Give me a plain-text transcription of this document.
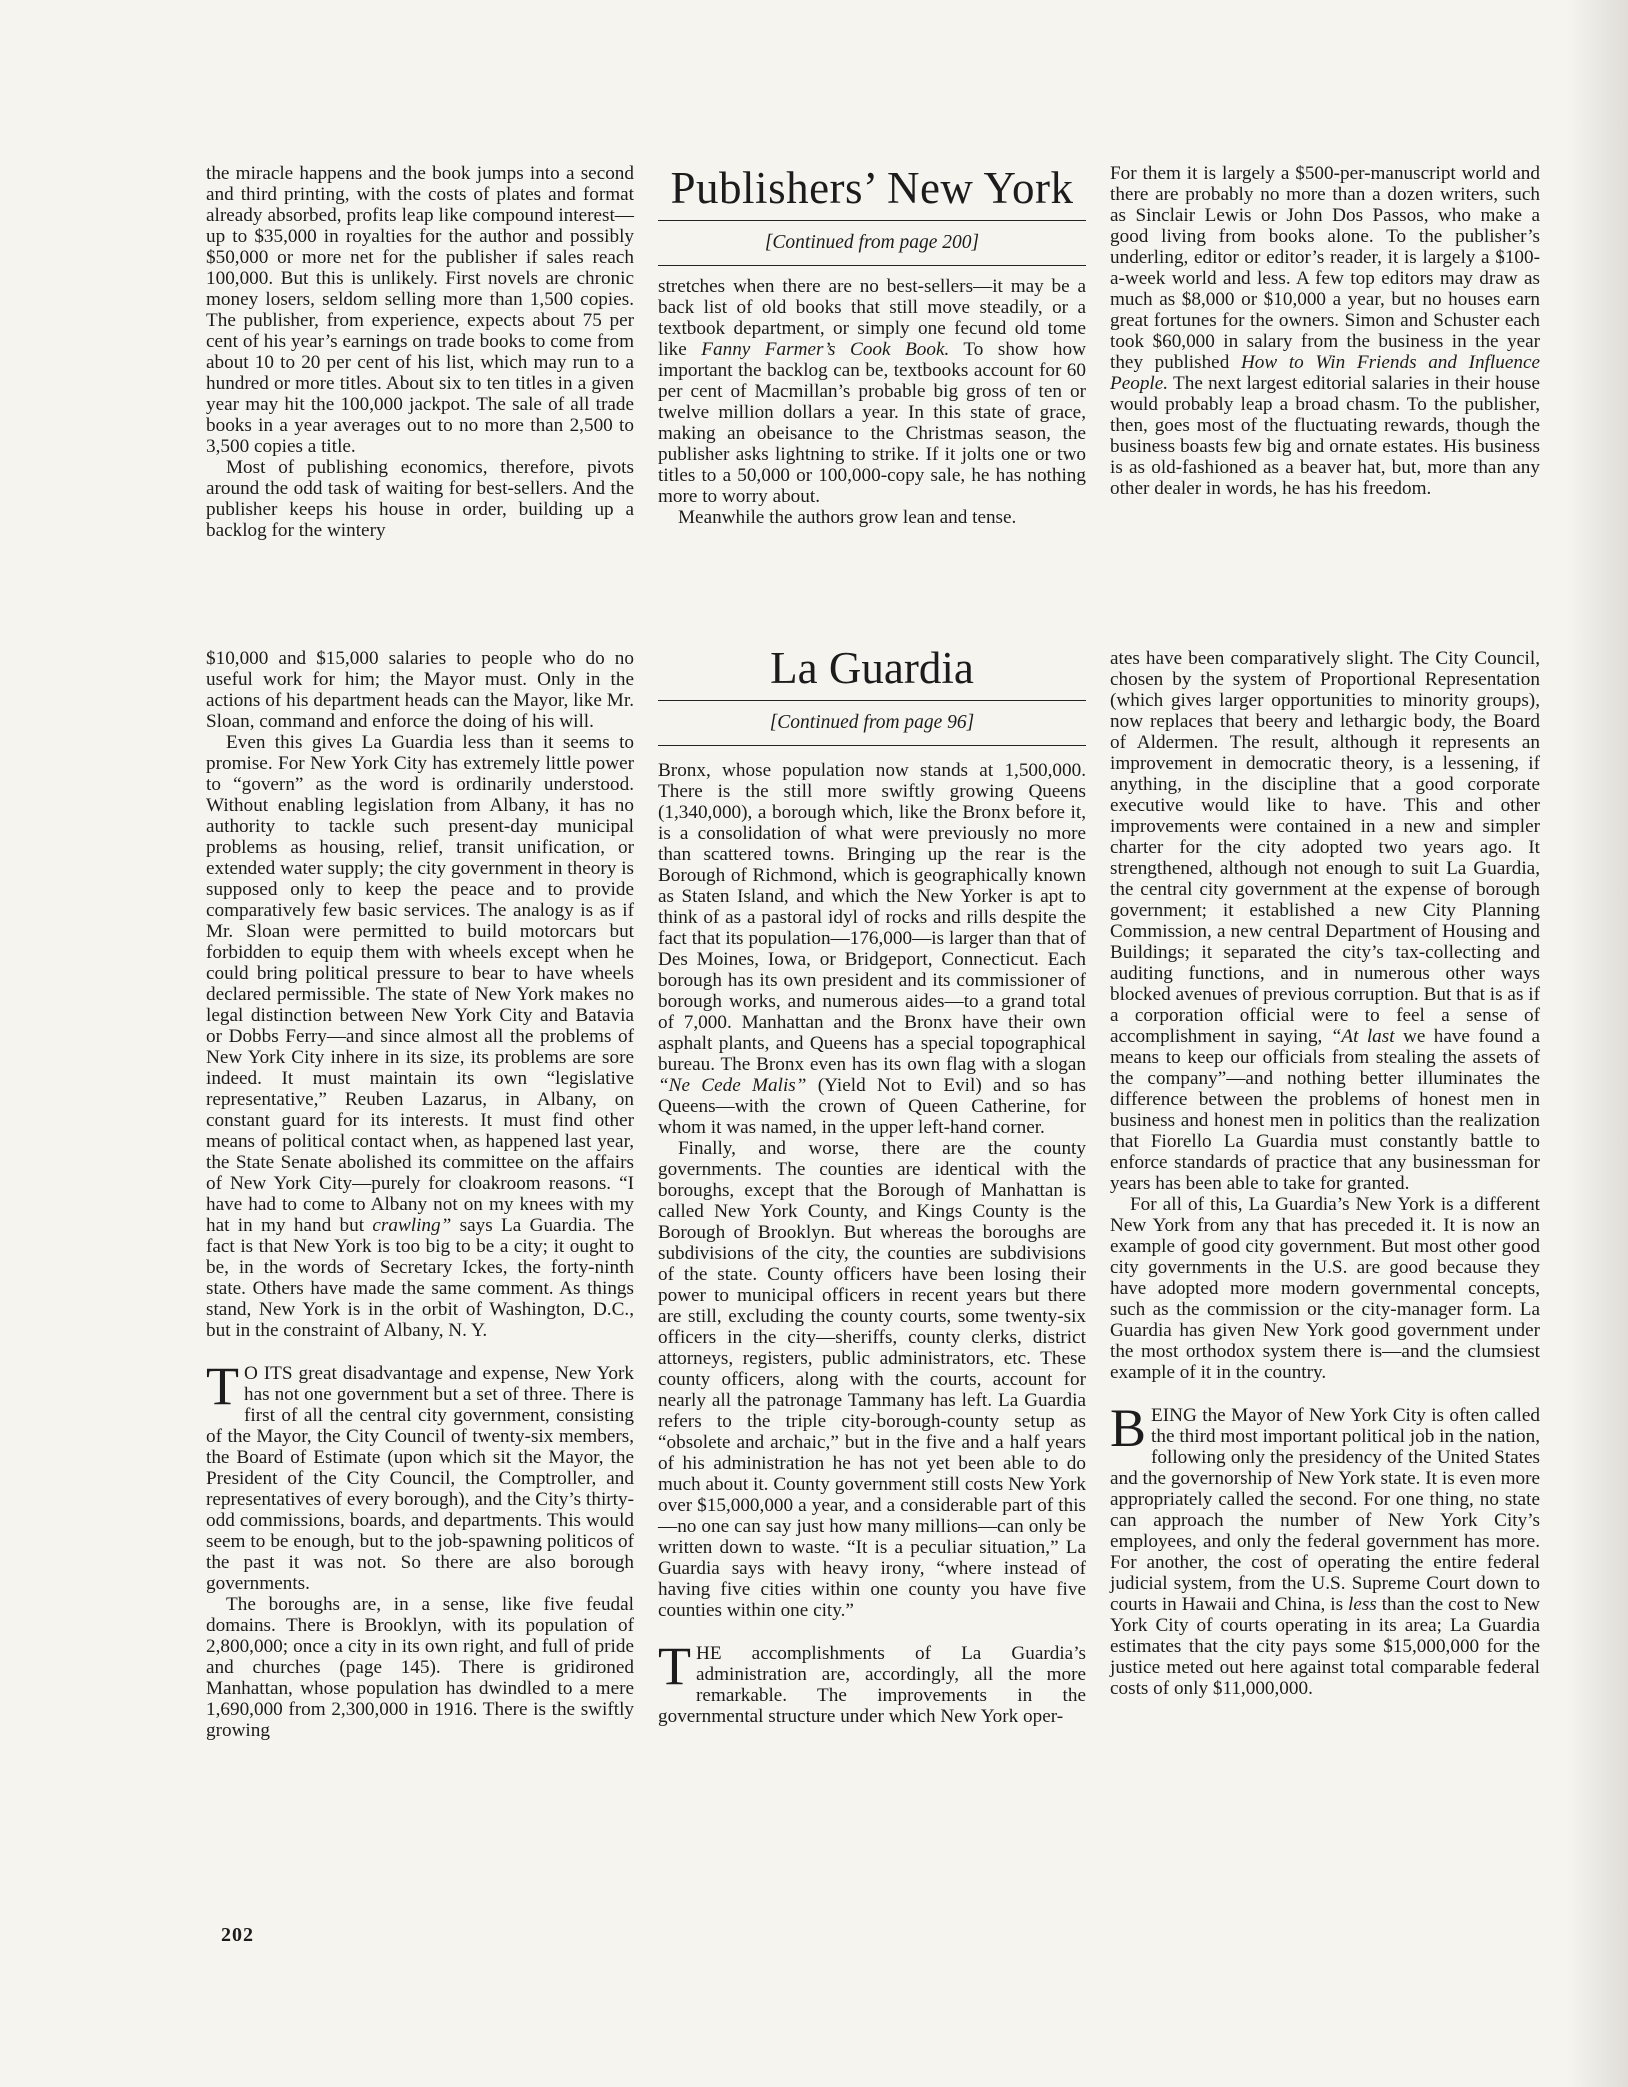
the miracle happens and the book jumps into a second and third printing, with the costs of plates and format already absorbed, profits leap like compound interest—up to $35,000 in royalties for the author and possibly $50,000 or more net for the publisher if sales reach 100,000. But this is unlikely. First novels are chronic money losers, seldom selling more than 1,500 copies. The publisher, from experience, expects about 75 per cent of his year’s earnings on trade books to come from about 10 to 20 per cent of his list, which may run to a hundred or more titles. About six to ten titles in a given year may hit the 100,000 jackpot. The sale of all trade books in a year averages out to no more than 2,500 to 3,500 copies a title.

Most of publishing economics, therefore, pivots around the odd task of waiting for best-sellers. And the publisher keeps his house in order, building up a backlog for the wintery

Publishers’ New York
[Continued from page 200]

stretches when there are no best-sellers—it may be a back list of old books that still move steadily, or a textbook department, or simply one fecund old tome like Fanny Farmer’s Cook Book. To show how important the backlog can be, textbooks account for 60 per cent of Macmillan’s probable big gross of ten or twelve million dollars a year. In this state of grace, making an obeisance to the Christmas season, the publisher asks lightning to strike. If it jolts one or two titles to a 50,000 or 100,000-copy sale, he has nothing more to worry about.

Meanwhile the authors grow lean and tense.

For them it is largely a $500-per-manuscript world and there are probably no more than a dozen writers, such as Sinclair Lewis or John Dos Passos, who make a good living from books alone. To the publisher’s underling, editor or editor’s reader, it is largely a $100-a-week world and less. A few top editors may draw as much as $8,000 or $10,000 a year, but no houses earn great fortunes for the owners. Simon and Schuster each took $60,000 in salary from the business in the year they published How to Win Friends and Influence People. The next largest editorial salaries in their house would probably leap a broad chasm. To the publisher, then, goes most of the fluctuating rewards, though the business boasts few big and ornate estates. His business is as old-fashioned as a beaver hat, but, more than any other dealer in words, he has his freedom.

$10,000 and $15,000 salaries to people who do no useful work for him; the Mayor must. Only in the actions of his department heads can the Mayor, like Mr. Sloan, command and enforce the doing of his will.

Even this gives La Guardia less than it seems to promise. For New York City has extremely little power to “govern” as the word is ordinarily understood. Without enabling legislation from Albany, it has no authority to tackle such present-day municipal problems as housing, relief, transit unification, or extended water supply; the city government in theory is supposed only to keep the peace and to provide comparatively few basic services. The analogy is as if Mr. Sloan were permitted to build motorcars but forbidden to equip them with wheels except when he could bring political pressure to bear to have wheels declared permissible. The state of New York makes no legal distinction between New York City and Batavia or Dobbs Ferry—and since almost all the problems of New York City inhere in its size, its problems are sore indeed. It must maintain its own “legislative representative,” Reuben Lazarus, in Albany, on constant guard for its interests. It must find other means of political contact when, as happened last year, the State Senate abolished its committee on the affairs of New York City—purely for cloakroom reasons. “I have had to come to Albany not on my knees with my hat in my hand but crawling” says La Guardia. The fact is that New York is too big to be a city; it ought to be, in the words of Secretary Ickes, the forty-ninth state. Others have made the same comment. As things stand, New York is in the orbit of Washington, D.C., but in the constraint of Albany, N. Y.

T O ITS great disadvantage and expense, New York has not one government but a set of three. There is first of all the central city government, consisting of the Mayor, the City Council of twenty-six members, the Board of Estimate (upon which sit the Mayor, the President of the City Council, the Comptroller, and representatives of every borough), and the City’s thirty-odd commissions, boards, and departments. This would seem to be enough, but to the job-spawning politicos of the past it was not. So there are also borough governments.

The boroughs are, in a sense, like five feudal domains. There is Brooklyn, with its population of 2,800,000; once a city in its own right, and full of pride and churches (page 145). There is gridironed Manhattan, whose population has dwindled to a mere 1,690,000 from 2,300,000 in 1916. There is the swiftly growing

La Guardia
[Continued from page 96]

Bronx, whose population now stands at 1,500,000. There is the still more swiftly growing Queens (1,340,000), a borough which, like the Bronx before it, is a consolidation of what were previously no more than scattered towns. Bringing up the rear is the Borough of Richmond, which is geographically known as Staten Island, and which the New Yorker is apt to think of as a pastoral idyl of rocks and rills despite the fact that its population—176,000—is larger than that of Des Moines, Iowa, or Bridgeport, Connecticut. Each borough has its own president and its commissioner of borough works, and numerous aides—to a grand total of 7,000. Manhattan and the Bronx have their own asphalt plants, and Queens has a special topographical bureau. The Bronx even has its own flag with a slogan “Ne Cede Malis” (Yield Not to Evil) and so has Queens—with the crown of Queen Catherine, for whom it was named, in the upper left-hand corner.

Finally, and worse, there are the county governments. The counties are identical with the boroughs, except that the Borough of Manhattan is called New York County, and Kings County is the Borough of Brooklyn. But whereas the boroughs are subdivisions of the city, the counties are subdivisions of the state. County officers have been losing their power to municipal officers in recent years but there are still, excluding the county courts, some twenty-six officers in the city—sheriffs, county clerks, district attorneys, registers, public administrators, etc. These county officers, along with the courts, account for nearly all the patronage Tammany has left. La Guardia refers to the triple city-borough-county setup as “obsolete and archaic,” but in the five and a half years of his administration he has not yet been able to do much about it. County government still costs New York over $15,000,000 a year, and a considerable part of this—no one can say just how many millions—can only be written down to waste. “It is a peculiar situation,” La Guardia says with heavy irony, “where instead of having five cities within one county you have five counties within one city.”

THE accomplishments of La Guardia’s administration are, accordingly, all the more remarkable. The improvements in the governmental structure under which New York oper-

ates have been comparatively slight. The City Council, chosen by the system of Proportional Representation (which gives larger opportunities to minority groups), now replaces that beery and lethargic body, the Board of Aldermen. The result, although it represents an improvement in democratic theory, is a lessening, if anything, in the discipline that a good corporate executive would like to have. This and other improvements were contained in a new and simpler charter for the city adopted two years ago. It strengthened, although not enough to suit La Guardia, the central city government at the expense of borough government; it established a new City Planning Commission, a new central Department of Housing and Buildings; it separated the city’s tax-collecting and auditing functions, and in numerous other ways blocked avenues of previous corruption. But that is as if a corporation official were to feel a sense of accomplishment in saying, “At last we have found a means to keep our officials from stealing the assets of the company”—and nothing better illuminates the difference between the problems of honest men in business and honest men in politics than the realization that Fiorello La Guardia must constantly battle to enforce standards of practice that any businessman for years has been able to take for granted.

For all of this, La Guardia’s New York is a different New York from any that has preceded it. It is now an example of good city government. But most other good city governments in the U.S. are good because they have adopted more modern governmental concepts, such as the commission or the city-manager form. La Guardia has given New York good government under the most orthodox system there is—and the clumsiest example of it in the country.

BEING the Mayor of New York City is often called the third most important political job in the nation, following only the presidency of the United States and the governorship of New York state. It is even more appropriately called the second. For one thing, no state can approach the number of New York City’s employees, and only the federal government has more. For another, the cost of operating the entire federal judicial system, from the U.S. Supreme Court down to courts in Hawaii and China, is less than the cost to New York City of courts operating in its area; La Guardia estimates that the city pays some $15,000,000 for the justice meted out here against total comparable federal costs of only $11,000,000.

202
